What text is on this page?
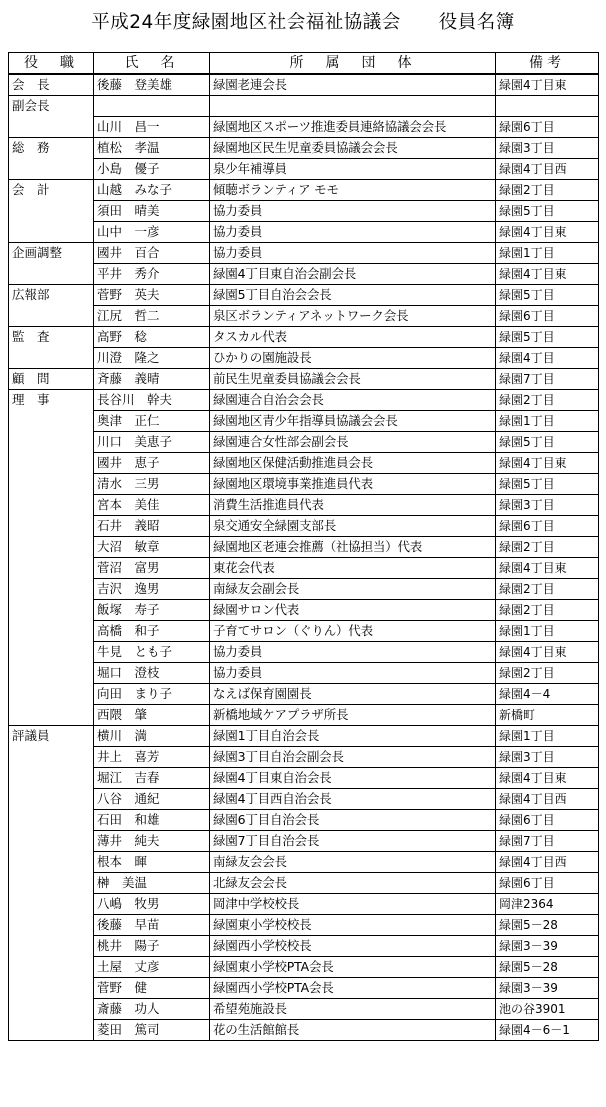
平成24年度緑園地区社会福祉協議会　　役員名簿
役　職	氏　名	所　属　団　体	備考
会　長	後藤　登美雄	緑園老連会長	緑園4丁目東
副会長			
	山川　昌一	緑園地区スポーツ推進委員連絡協議会会長	緑園6丁目
総　務	植松　孝温	緑園地区民生児童委員協議会会長	緑園3丁目
	小島　優子	泉少年補導員	緑園4丁目西
会　計	山越　みな子	傾聴ボランティア モモ	緑園2丁目
	須田　晴美	協力委員	緑園5丁目
	山中　一彦	協力委員	緑園4丁目東
企画調整	國井　百合	協力委員	緑園1丁目
	平井　秀介	緑園4丁目東自治会副会長	緑園4丁目東
広報部	菅野　英夫	緑園5丁目自治会会長	緑園5丁目
	江尻　哲二	泉区ボランティアネットワーク会長	緑園6丁目
監　査	高野　稔	タスカル代表	緑園5丁目
	川澄　隆之	ひかりの園施設長	緑園4丁目
顧　問	斉藤　義晴	前民生児童委員協議会会長	緑園7丁目
理　事	長谷川　幹夫	緑園連合自治会会長	緑園2丁目
	奥津　正仁	緑園地区青少年指導員協議会会長	緑園1丁目
	川口　美恵子	緑園連合女性部会副会長	緑園5丁目
	國井　恵子	緑園地区保健活動推進員会長	緑園4丁目東
	清水　三男	緑園地区環境事業推進員代表	緑園5丁目
	宮本　美佳	消費生活推進員代表	緑園3丁目
	石井　義昭	泉交通安全緑園支部長	緑園6丁目
	大沼　敏章	緑園地区老連会推薦（社協担当）代表	緑園2丁目
	菅沼　富男	東花会代表	緑園4丁目東
	吉沢　逸男	南緑友会副会長	緑園2丁目
	飯塚　寿子	緑園サロン代表	緑園2丁目
	高橋　和子	子育てサロン（ぐりん）代表	緑園1丁目
	牛見　とも子	協力委員	緑園4丁目東
	堀口　澄枝	協力委員	緑園2丁目
	向田　まり子	なえば保育園園長	緑園4－4
	西隈　肇	新橋地域ケアプラザ所長	新橋町
評議員	横川　満	緑園1丁目自治会長	緑園1丁目
	井上　喜芳	緑園3丁目自治会副会長	緑園3丁目
	堀江　吉春	緑園4丁目東自治会長	緑園4丁目東
	八谷　通紀	緑園4丁目西自治会長	緑園4丁目西
	石田　和雄	緑園6丁目自治会長	緑園6丁目
	薄井　純夫	緑園7丁目自治会長	緑園7丁目
	根本　暉	南緑友会会長	緑園4丁目西
	榊　美温	北緑友会会長	緑園6丁目
	八嶋　牧男	岡津中学校校長	岡津2364
	後藤　早苗	緑園東小学校校長	緑園5－28
	桃井　陽子	緑園西小学校校長	緑園3－39
	土屋　丈彦	緑園東小学校PTA会長	緑園5－28
	菅野　健	緑園西小学校PTA会長	緑園3－39
	斎藤　功人	希望苑施設長	池の谷3901
	菱田　篤司	花の生活館館長	緑園4－6－1
